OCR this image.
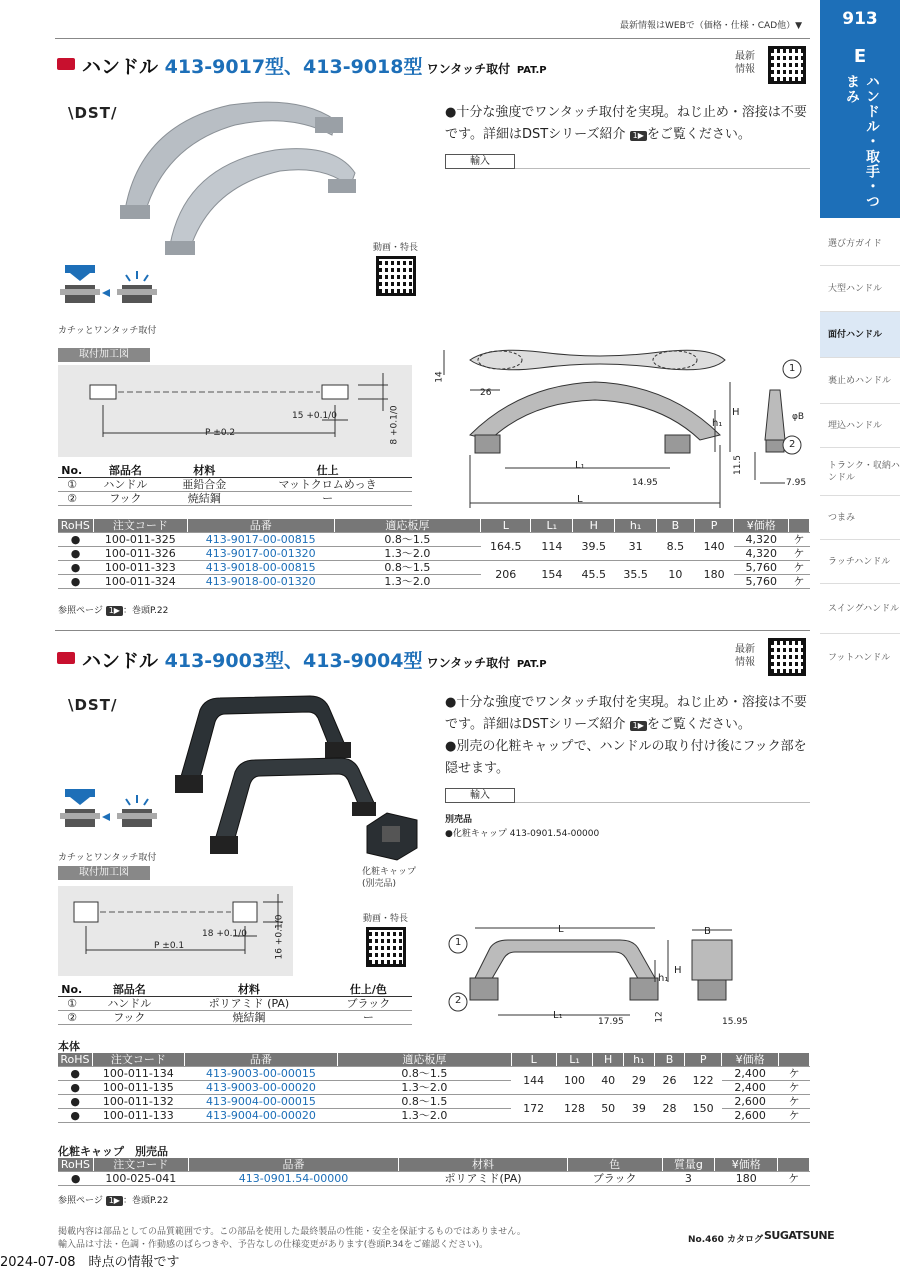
最新情報はWEBで（価格・仕様・CAD他）▼	913
E
ハンドル・取手・つまみ
選び方ガイド
大型ハンドル
面付ハンドル
裏止めハンドル
埋込ハンドル
トランク・収納ハンドル
つまみ
ラッチハンドル
スイングハンドル
フットハンドル
ハンドル 413-9017型、413-9018型 ワンタッチ取付 PAT.P
最新
情報
\DST/
カチッとワンタッチ取付
動画・特長
●十分な強度でワンタッチ取付を実現。ねじ止め・溶接は不要です。詳細はDSTシリーズ紹介 1▶ をご覧ください。
輸入
取付加工図
P ±0.2
15 +0.1/0	8 +0.1/0
14
26
L₁
L
H
h₁
14.95
11.5
7.95
φB
1
2
No.	部品名	材料	仕上
①	ハンドル	亜鉛合金	マットクロムめっき
②	フック	焼結鋼	ー
RoHS	注文コード	品番	適応板厚	L	L₁	H	h₁	B	P	¥価格	
●	100-011-325	413-9017-00-00815	0.8～1.5	164.5	114	39.5	31	8.5	140	4,320	ケ
●	100-011-326	413-9017-00-01320	1.3～2.0							4,320	ケ
●	100-011-323	413-9018-00-00815	0.8～1.5	206	154	45.5	35.5	10	180	5,760	ケ
●	100-011-324	413-9018-00-01320	1.3～2.0							5,760	ケ
参照ページ 1▶ ：巻頭P.22
ハンドル 413-9003型、413-9004型 ワンタッチ取付 PAT.P
最新
情報
\DST/
化粧キャップ
(別売品)
カチッとワンタッチ取付
動画・特長
●十分な強度でワンタッチ取付を実現。ねじ止め・溶接は不要です。詳細はDSTシリーズ紹介 1▶ をご覧ください。
●別売の化粧キャップで、ハンドルの取り付け後にフック部を隠せます。
輸入
別売品
●化粧キャップ 413-0901.54-00000
取付加工図
P ±0.1
18 +0.1/0	16 +0.1/0	L
L₁
H
h₁
B
17.95	12	15.95
1
2
No.	部品名	材料	仕上/色
①	ハンドル	ポリアミド (PA)	ブラック
②	フック	焼結鋼	ー
本体
RoHS	注文コード	品番	適応板厚	L	L₁	H	h₁	B	P	¥価格	
●	100-011-134	413-9003-00-00015	0.8～1.5	144	100	40	29	26	122	2,400	ケ
●	100-011-135	413-9003-00-00020	1.3～2.0							2,400	ケ
●	100-011-132	413-9004-00-00015	0.8～1.5	172	128	50	39	28	150	2,600	ケ
●	100-011-133	413-9004-00-00020	1.3～2.0							2,600	ケ
化粧キャップ　別売品
RoHS	注文コード	品番	材料	色	質量g	¥価格	
●	100-025-041	413-0901.54-00000	ポリアミド(PA)	ブラック	3	180	ケ
参照ページ 1▶ ：巻頭P.22
掲載内容は部品としての品質範囲です。この部品を使用した最終製品の性能・安全を保証するものではありません。
輸入品は寸法・色調・作動感のばらつきや、予告なしの仕様変更があります(巻頭P.34をご確認ください)。	No.460 カタログ SUGATSUNE
2024-07-08　時点の情報です
